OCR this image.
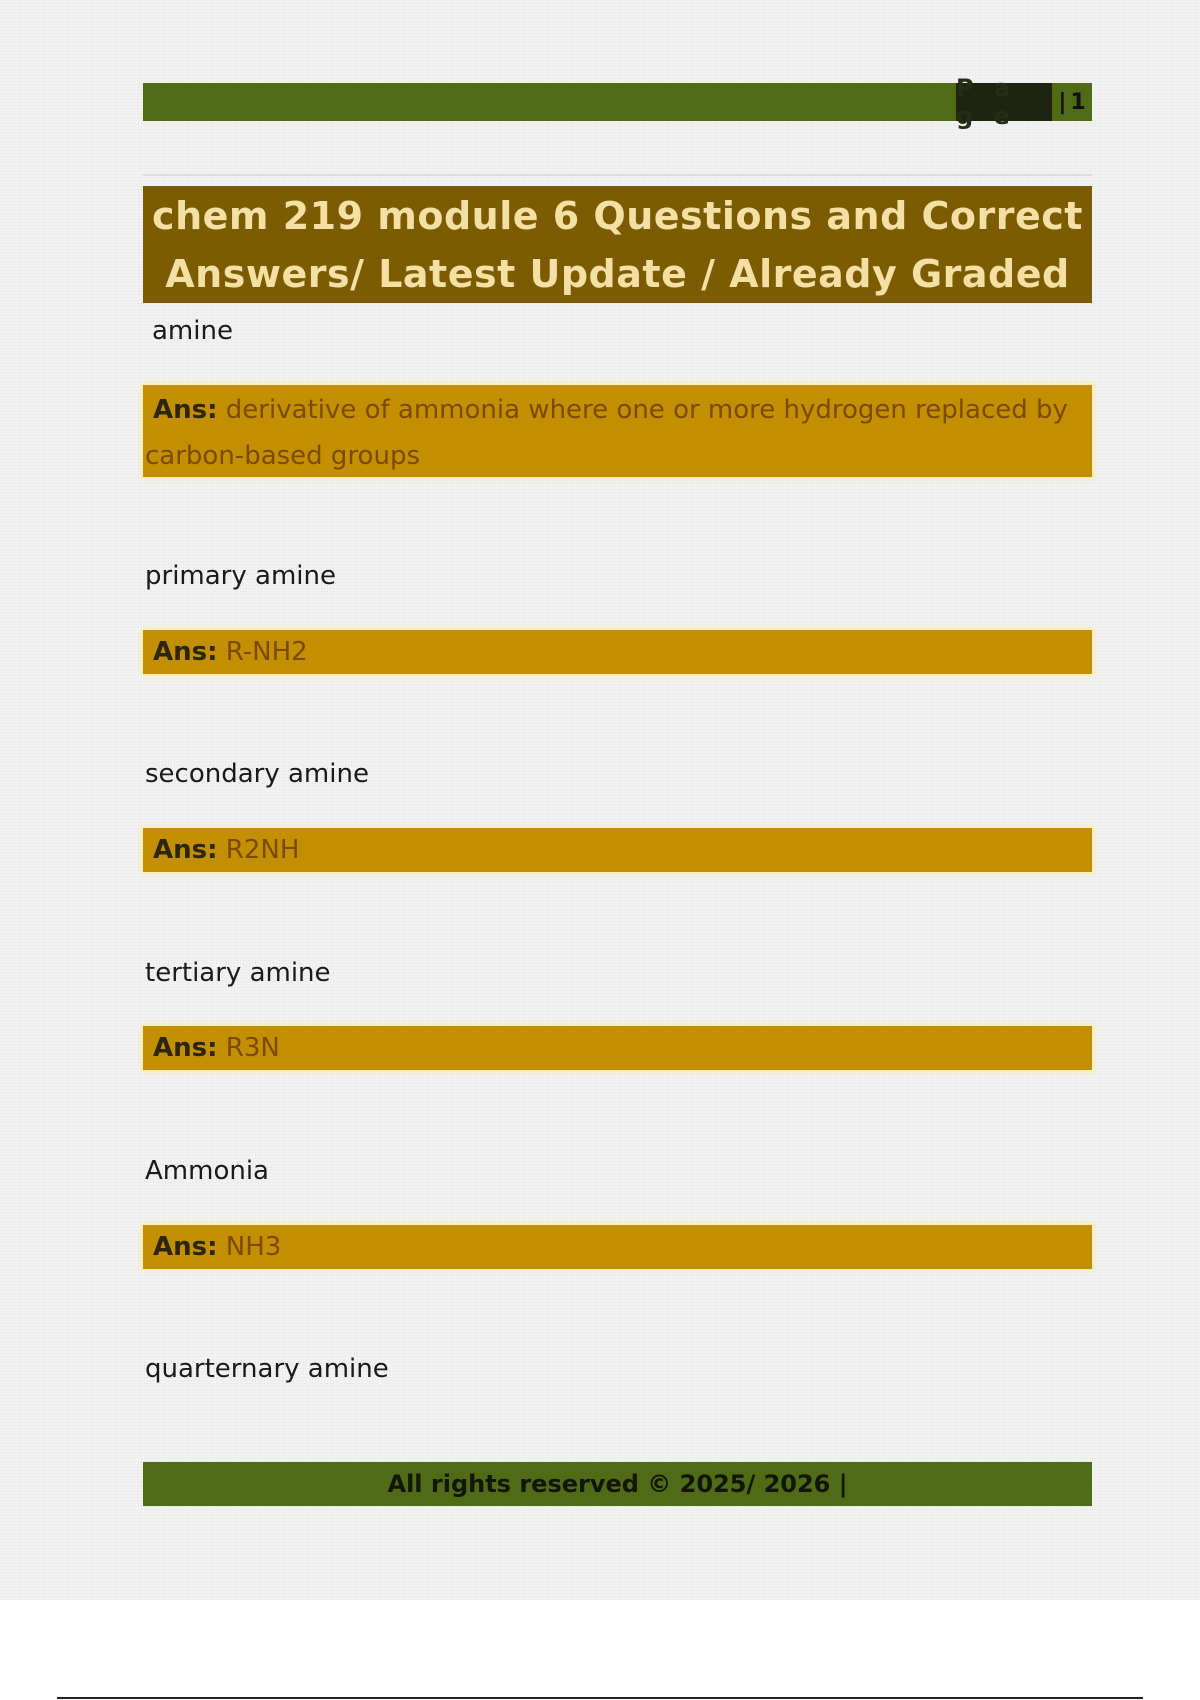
P a g e	| 1
chem 219 module 6 Questions and Correct
Answers/ Latest Update / Already Graded
amine
Ans: derivative of ammonia where one or more hydrogen replaced by carbon-based groups
primary amine
Ans: R-NH2
secondary amine
Ans: R2NH
tertiary amine
Ans: R3N
Ammonia
Ans: NH3
quarternary amine
All rights reserved © 2025/ 2026 |
